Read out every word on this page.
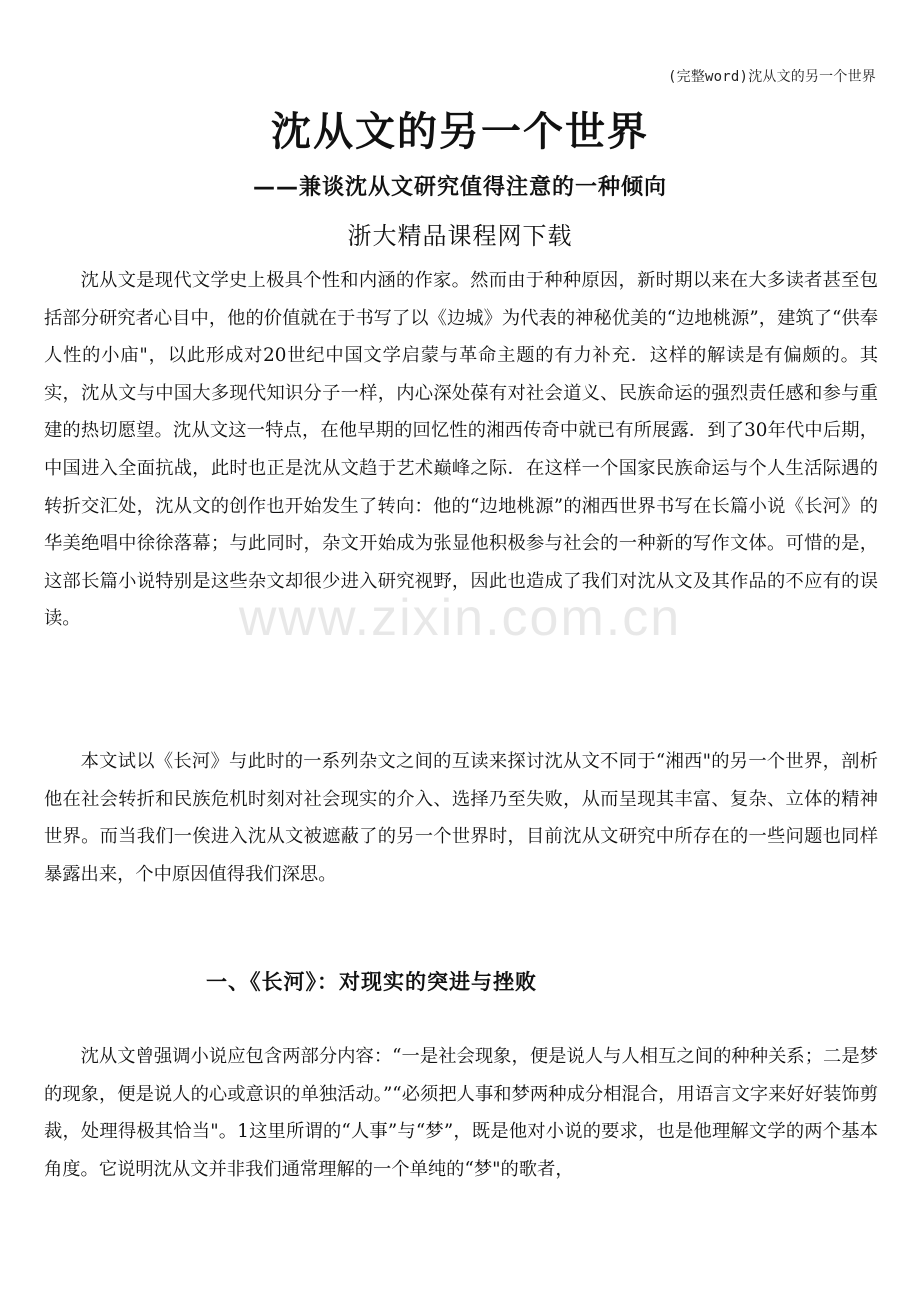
(完整word)沈从文的另一个世界
沈从文的另一个世界
——兼谈沈从文研究值得注意的一种倾向
浙大精品课程网下载

沈从文是现代文学史上极具个性和内涵的作家。然而由于种种原因，新时期以来在大多读者甚至包括部分研究者心目中，他的价值就在于书写了以《边城》为代表的神秘优美的“边地桃源”，建筑了“供奉人性的小庙"，以此形成对20世纪中国文学启蒙与革命主题的有力补充．这样的解读是有偏颇的。其实，沈从文与中国大多现代知识分子一样，内心深处葆有对社会道义、民族命运的强烈责任感和参与重建的热切愿望。沈从文这一特点，在他早期的回忆性的湘西传奇中就已有所展露．到了30年代中后期，中国进入全面抗战，此时也正是沈从文趋于艺术巅峰之际．在这样一个国家民族命运与个人生活际遇的转折交汇处，沈从文的创作也开始发生了转向：他的“边地桃源”的湘西世界书写在长篇小说《长河》的华美绝唱中徐徐落幕；与此同时，杂文开始成为张显他积极参与社会的一种新的写作文体。可惜的是，这部长篇小说特别是这些杂文却很少进入研究视野，因此也造成了我们对沈从文及其作品的不应有的误读。

本文试以《长河》与此时的一系列杂文之间的互读来探讨沈从文不同于“湘西"的另一个世界，剖析他在社会转折和民族危机时刻对社会现实的介入、选择乃至失败，从而呈现其丰富、复杂、立体的精神世界。而当我们一俟进入沈从文被遮蔽了的另一个世界时，目前沈从文研究中所存在的一些问题也同样暴露出来，个中原因值得我们深思。

一、《长河》：对现实的突进与挫败

沈从文曾强调小说应包含两部分内容：“一是社会现象，便是说人与人相互之间的种种关系；二是梦的现象，便是说人的心或意识的单独活动。”“必须把人事和梦两种成分相混合，用语言文字来好好装饰剪裁，处理得极其恰当"。1这里所谓的“人事”与“梦”，既是他对小说的要求，也是他理解文学的两个基本角度。它说明沈从文并非我们通常理解的一个单纯的“梦"的歌者，

www.zixin.com.cn
